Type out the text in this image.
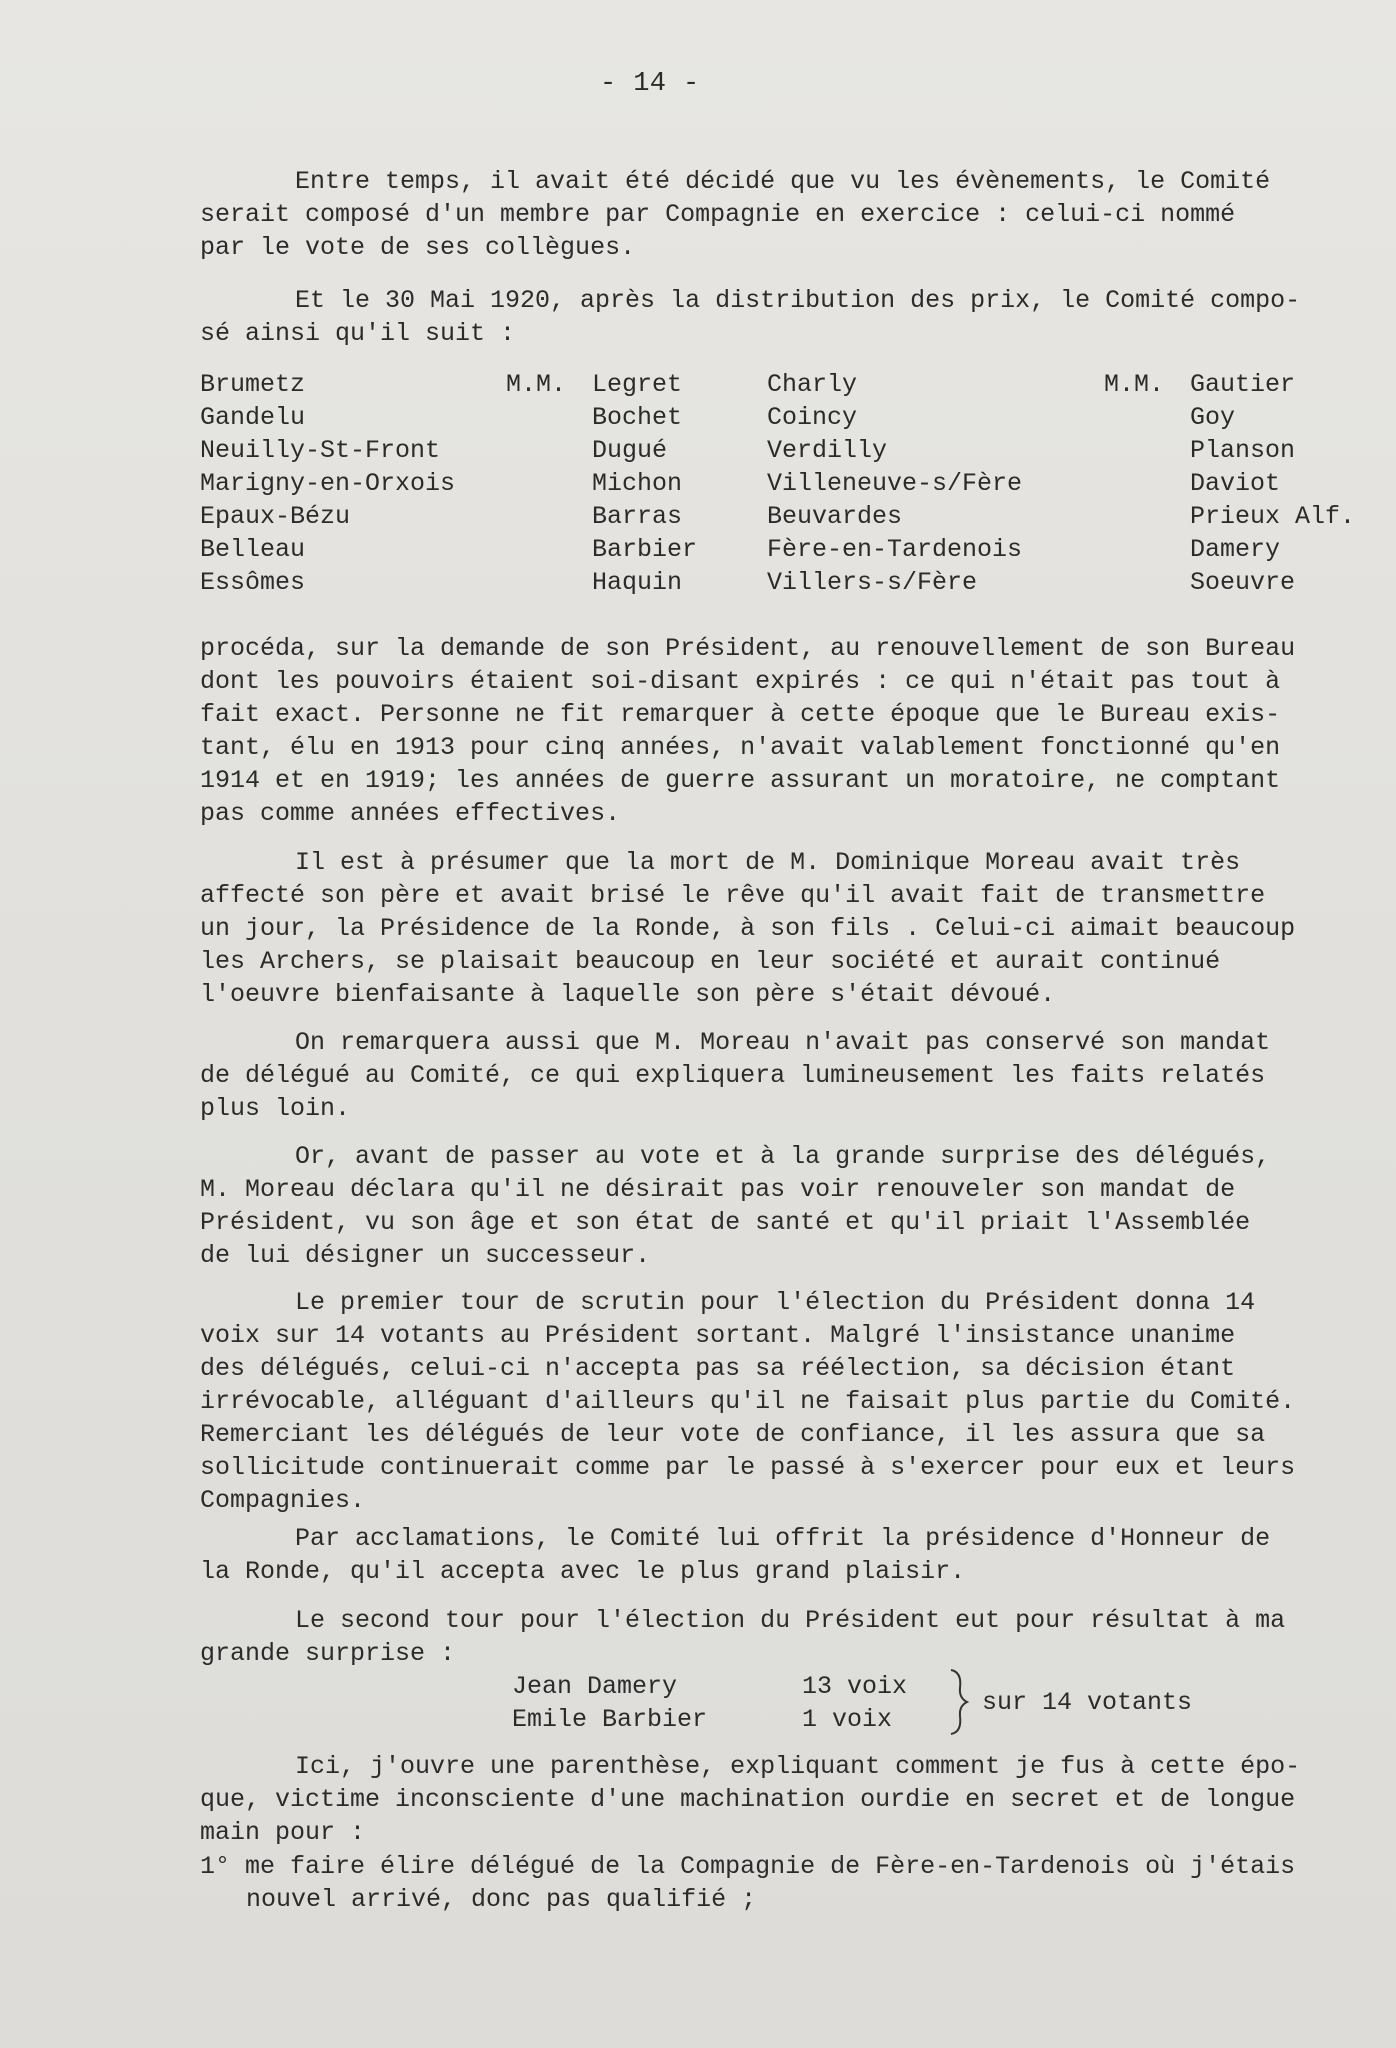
- 14 -
Entre temps, il avait été décidé que vu les évènements, le Comité
serait composé d'un membre par Compagnie en exercice : celui-ci nommé
par le vote de ses collègues.
Et le 30 Mai 1920, après la distribution des prix, le Comité compo-
sé ainsi qu'il suit :
M.M.	M.M.
Brumetz
Gandelu
Neuilly-St-Front
Marigny-en-Orxois
Epaux-Bézu
Belleau
Essômes
Legret
Bochet
Dugué
Michon
Barras
Barbier
Haquin
Charly
Coincy
Verdilly
Villeneuve-s/Fère
Beuvardes
Fère-en-Tardenois
Villers-s/Fère
Gautier
Goy
Planson
Daviot
Prieux Alf.
Damery
Soeuvre
procéda, sur la demande de son Président, au renouvellement de son Bureau
dont les pouvoirs étaient soi-disant expirés : ce qui n'était pas tout à
fait exact. Personne ne fit remarquer à cette époque que le Bureau exis-
tant, élu en 1913 pour cinq années, n'avait valablement fonctionné qu'en
1914 et en 1919; les années de guerre assurant un moratoire, ne comptant
pas comme années effectives.
Il est à présumer que la mort de M. Dominique Moreau avait très
affecté son père et avait brisé le rêve qu'il avait fait de transmettre
un jour, la Présidence de la Ronde, à son fils . Celui-ci aimait beaucoup
les Archers, se plaisait beaucoup en leur société et aurait continué
l'oeuvre bienfaisante à laquelle son père s'était dévoué.
On remarquera aussi que M. Moreau n'avait pas conservé son mandat
de délégué au Comité, ce qui expliquera lumineusement les faits relatés
plus loin.
Or, avant de passer au vote et à la grande surprise des délégués,
M. Moreau déclara qu'il ne désirait pas voir renouveler son mandat de
Président, vu son âge et son état de santé et qu'il priait l'Assemblée
de lui désigner un successeur.
Le premier tour de scrutin pour l'élection du Président donna 14
voix sur 14 votants au Président sortant. Malgré l'insistance unanime
des délégués, celui-ci n'accepta pas sa réélection, sa décision étant
irrévocable, alléguant d'ailleurs qu'il ne faisait plus partie du Comité.
Remerciant les délégués de leur vote de confiance, il les assura que sa
sollicitude continuerait comme par le passé à s'exercer pour eux et leurs
Compagnies.
Par acclamations, le Comité lui offrit la présidence d'Honneur de
la Ronde, qu'il accepta avec le plus grand plaisir.
Le second tour pour l'élection du Président eut pour résultat à ma
grande surprise :
Jean Damery
Emile Barbier
13 voix
1 voix
sur 14 votants
Ici, j'ouvre une parenthèse, expliquant comment je fus à cette épo-
que, victime inconsciente d'une machination ourdie en secret et de longue
main pour :
1° me faire élire délégué de la Compagnie de Fère-en-Tardenois où j'étais
nouvel arrivé, donc pas qualifié ;
